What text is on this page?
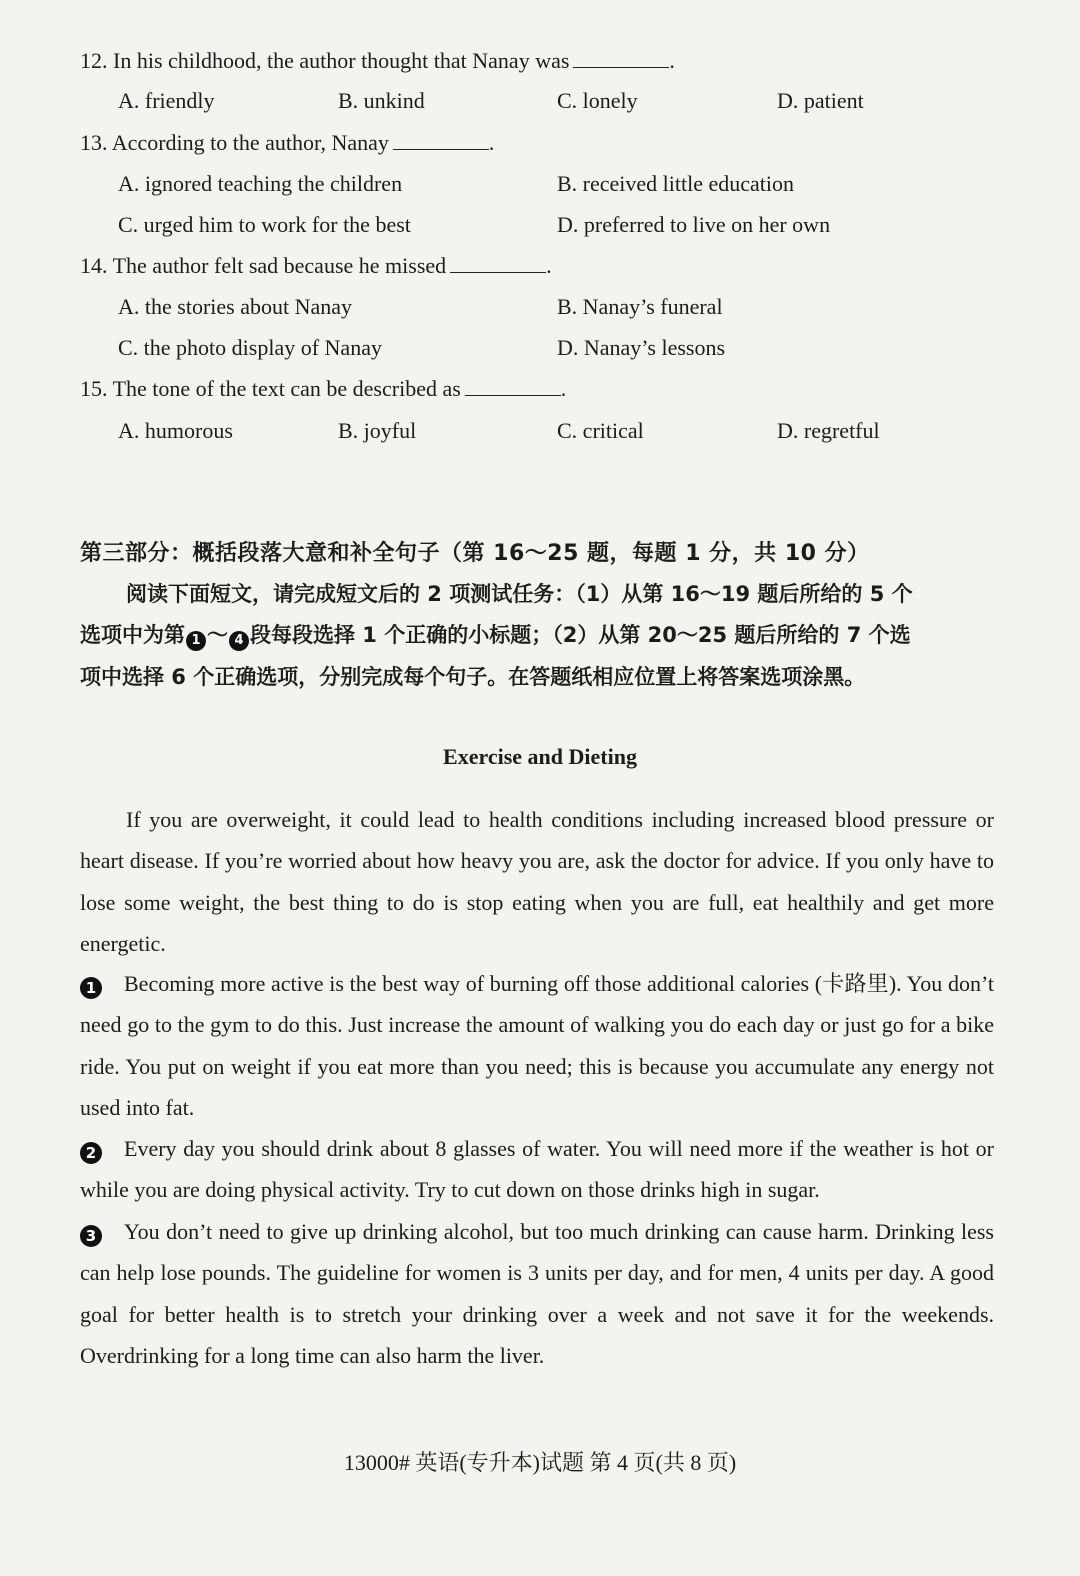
12. In his childhood, the author thought that Nanay was	.
A. friendly	B. unkind	C. lonely	D. patient
13. According to the author, Nanay	.
A. ignored teaching the children	B. received little education
C. urged him to work for the best	D. preferred to live on her own
14. The author felt sad because he missed	.
A. the stories about Nanay	B. Nanay’s funeral
C. the photo display of Nanay	D. Nanay’s lessons
15. The tone of the text can be described as	.
A. humorous	B. joyful	C. critical	D. regretful
第三部分：概括段落大意和补全句子（第 16～25 题，每题 1 分，共 10 分）
阅读下面短文，请完成短文后的 2 项测试任务：（1）从第 16～19 题后所给的 5 个
选项中为第 1 ～ 4 段每段选择 1 个正确的小标题；（2）从第 20～25 题后所给的 7 个选
项中选择 6 个正确选项，分别完成每个句子。在答题纸相应位置上将答案选项涂黑。
Exercise and Dieting
If you are overweight, it could lead to health conditions including increased blood pressure or heart disease. If you’re worried about how heavy you are, ask the doctor for advice. If you only have to lose some weight, the best thing to do is stop eating when you are full, eat healthily and get more energetic.
1 Becoming more active is the best way of burning off those additional calories (卡路里). You don’t need go to the gym to do this. Just increase the amount of walking you do each day or just go for a bike ride. You put on weight if you eat more than you need; this is because you accumulate any energy not used into fat.
2 Every day you should drink about 8 glasses of water. You will need more if the weather is hot or while you are doing physical activity. Try to cut down on those drinks high in sugar.
3 You don’t need to give up drinking alcohol, but too much drinking can cause harm. Drinking less can help lose pounds. The guideline for women is 3 units per day, and for men, 4 units per day. A good goal for better health is to stretch your drinking over a week and not save it for the weekends. Overdrinking for a long time can also harm the liver.
13000# 英语(专升本)试题 第 4 页(共 8 页)
